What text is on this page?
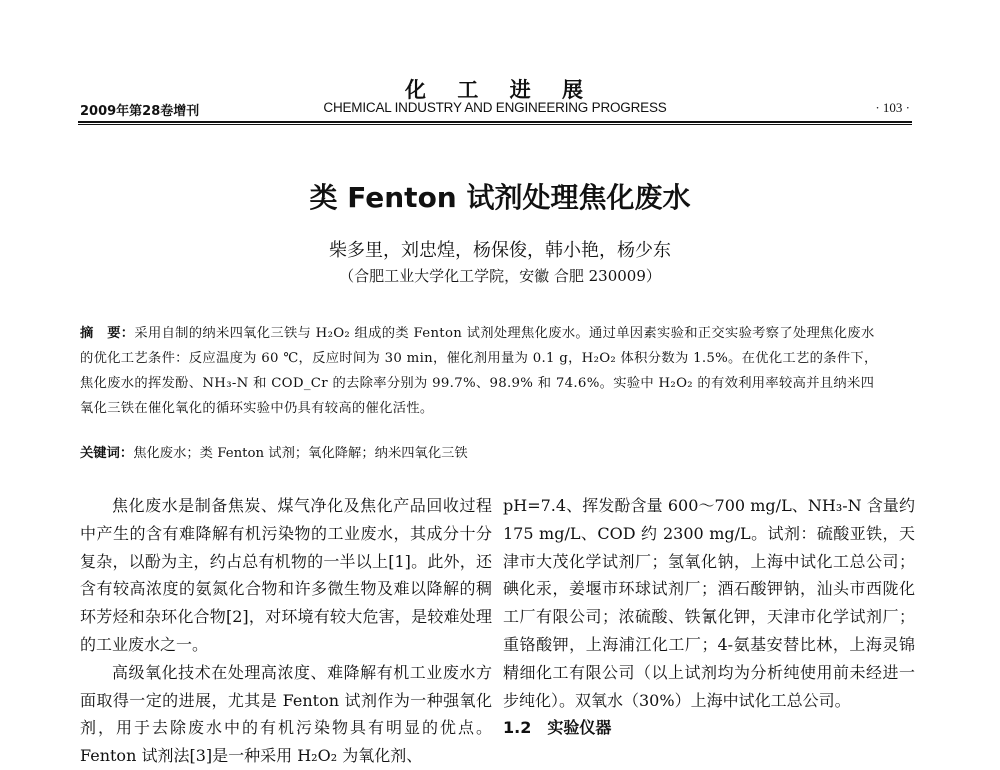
化 工 进 展
2009年第28卷增刊	CHEMICAL INDUSTRY AND ENGINEERING PROGRESS	· 103 ·
类 Fenton 试剂处理焦化废水
柴多里，刘忠煌，杨保俊，韩小艳，杨少东
（合肥工业大学化工学院，安徽 合肥 230009）
摘　要：采用自制的纳米四氧化三铁与 H₂O₂ 组成的类 Fenton 试剂处理焦化废水。通过单因素实验和正交实验考察了处理焦化废水的优化工艺条件：反应温度为 60 ℃，反应时间为 30 min，催化剂用量为 0.1 g，H₂O₂ 体积分数为 1.5%。在优化工艺的条件下，焦化废水的挥发酚、NH₃-N 和 COD_Cr 的去除率分别为 99.7%、98.9% 和 74.6%。实验中 H₂O₂ 的有效利用率较高并且纳米四氧化三铁在催化氧化的循环实验中仍具有较高的催化活性。
关键词：焦化废水；类 Fenton 试剂；氧化降解；纳米四氧化三铁

焦化废水是制备焦炭、煤气净化及焦化产品回收过程中产生的含有难降解有机污染物的工业废水，其成分十分复杂，以酚为主，约占总有机物的一半以上[1]。此外，还含有较高浓度的氨氮化合物和许多微生物及难以降解的稠环芳烃和杂环化合物[2]，对环境有较大危害，是较难处理的工业废水之一。

高级氧化技术在处理高浓度、难降解有机工业废水方面取得一定的进展，尤其是 Fenton 试剂作为一种强氧化剂，用于去除废水中的有机污染物具有明显的优点。Fenton 试剂法[3]是一种采用 H₂O₂ 为氧化剂、

pH=7.4、挥发酚含量 600～700 mg/L、NH₃-N 含量约 175 mg/L、COD 约 2300 mg/L。试剂：硫酸亚铁，天津市大茂化学试剂厂；氢氧化钠，上海中试化工总公司；碘化汞，姜堰市环球试剂厂；酒石酸钾钠，汕头市西陇化工厂有限公司；浓硫酸、铁氰化钾，天津市化学试剂厂；重铬酸钾，上海浦江化工厂；4-氨基安替比林，上海灵锦精细化工有限公司（以上试剂均为分析纯使用前未经进一步纯化）。双氧水（30%）上海中试化工总公司。

1.2　实验仪器
